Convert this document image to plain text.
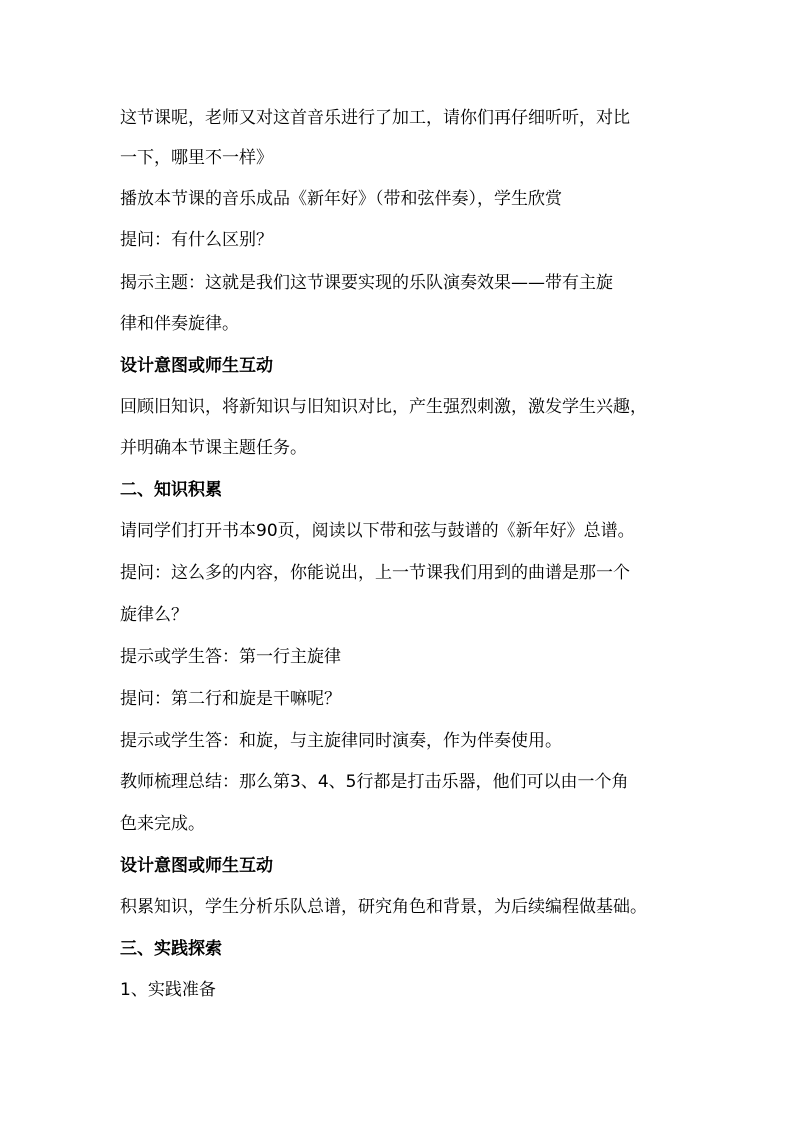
这节课呢，老师又对这首音乐进行了加工，请你们再仔细听听，对比
一下，哪里不一样》
播放本节课的音乐成品《新年好》（带和弦伴奏），学生欣赏
提问：有什么区别？
揭示主题：这就是我们这节课要实现的乐队演奏效果——带有主旋
律和伴奏旋律。
设计意图或师生互动
回顾旧知识，将新知识与旧知识对比，产生强烈刺激，激发学生兴趣，
并明确本节课主题任务。
二、知识积累
请同学们打开书本90页，阅读以下带和弦与鼓谱的《新年好》总谱。
提问：这么多的内容，你能说出，上一节课我们用到的曲谱是那一个
旋律么？
提示或学生答：第一行主旋律
提问：第二行和旋是干嘛呢？
提示或学生答：和旋，与主旋律同时演奏，作为伴奏使用。
教师梳理总结：那么第3、4、5行都是打击乐器，他们可以由一个角
色来完成。
设计意图或师生互动
积累知识，学生分析乐队总谱，研究角色和背景，为后续编程做基础。
三、实践探索
1、实践准备
